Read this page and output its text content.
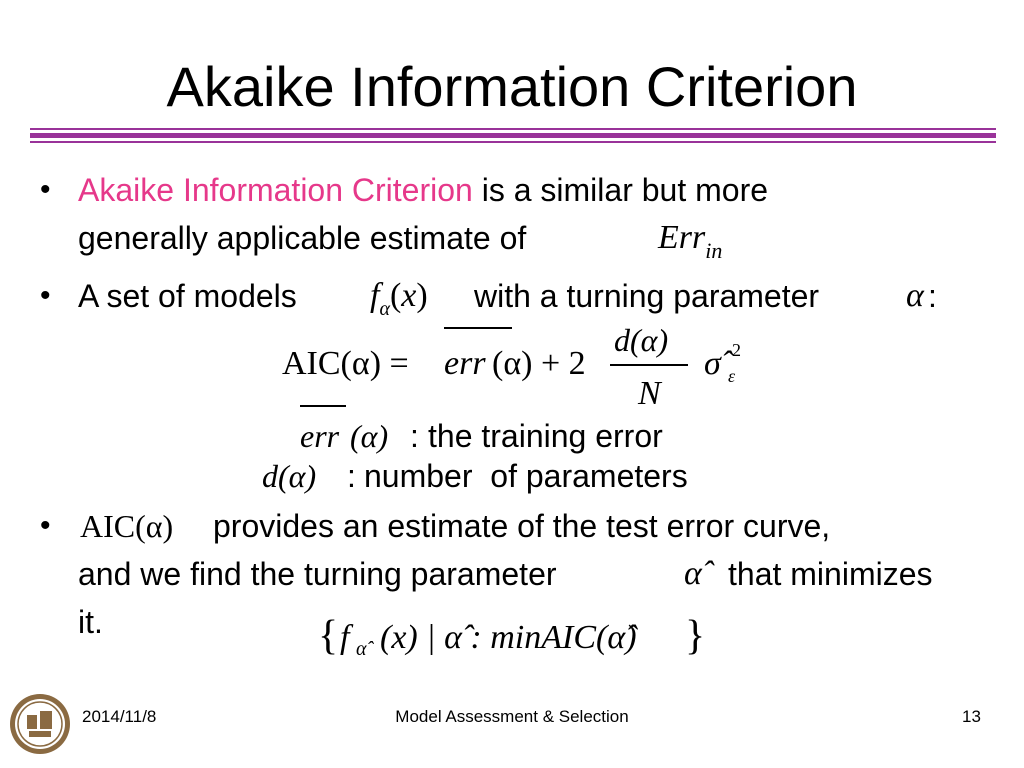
Akaike Information Criterion
• Akaike Information Criterion is a similar but more
generally applicable estimate of	Err$_{in}$
• A set of models $f_\alpha(x)$ with a turning parameter	α :
AIC(α) = err (α) + 2
d(α)
N
σ̂ ε
2
err (α) : the training error
d(α) : number  of parameters
• AIC(α) provides an estimate of the test error curve,
and we find the turning parameter	α̂ that minimizes
it.	{ f α̂ (x) | α̂ : minAIC(α̂) }
2014/11/8	Model Assessment & Selection	13
